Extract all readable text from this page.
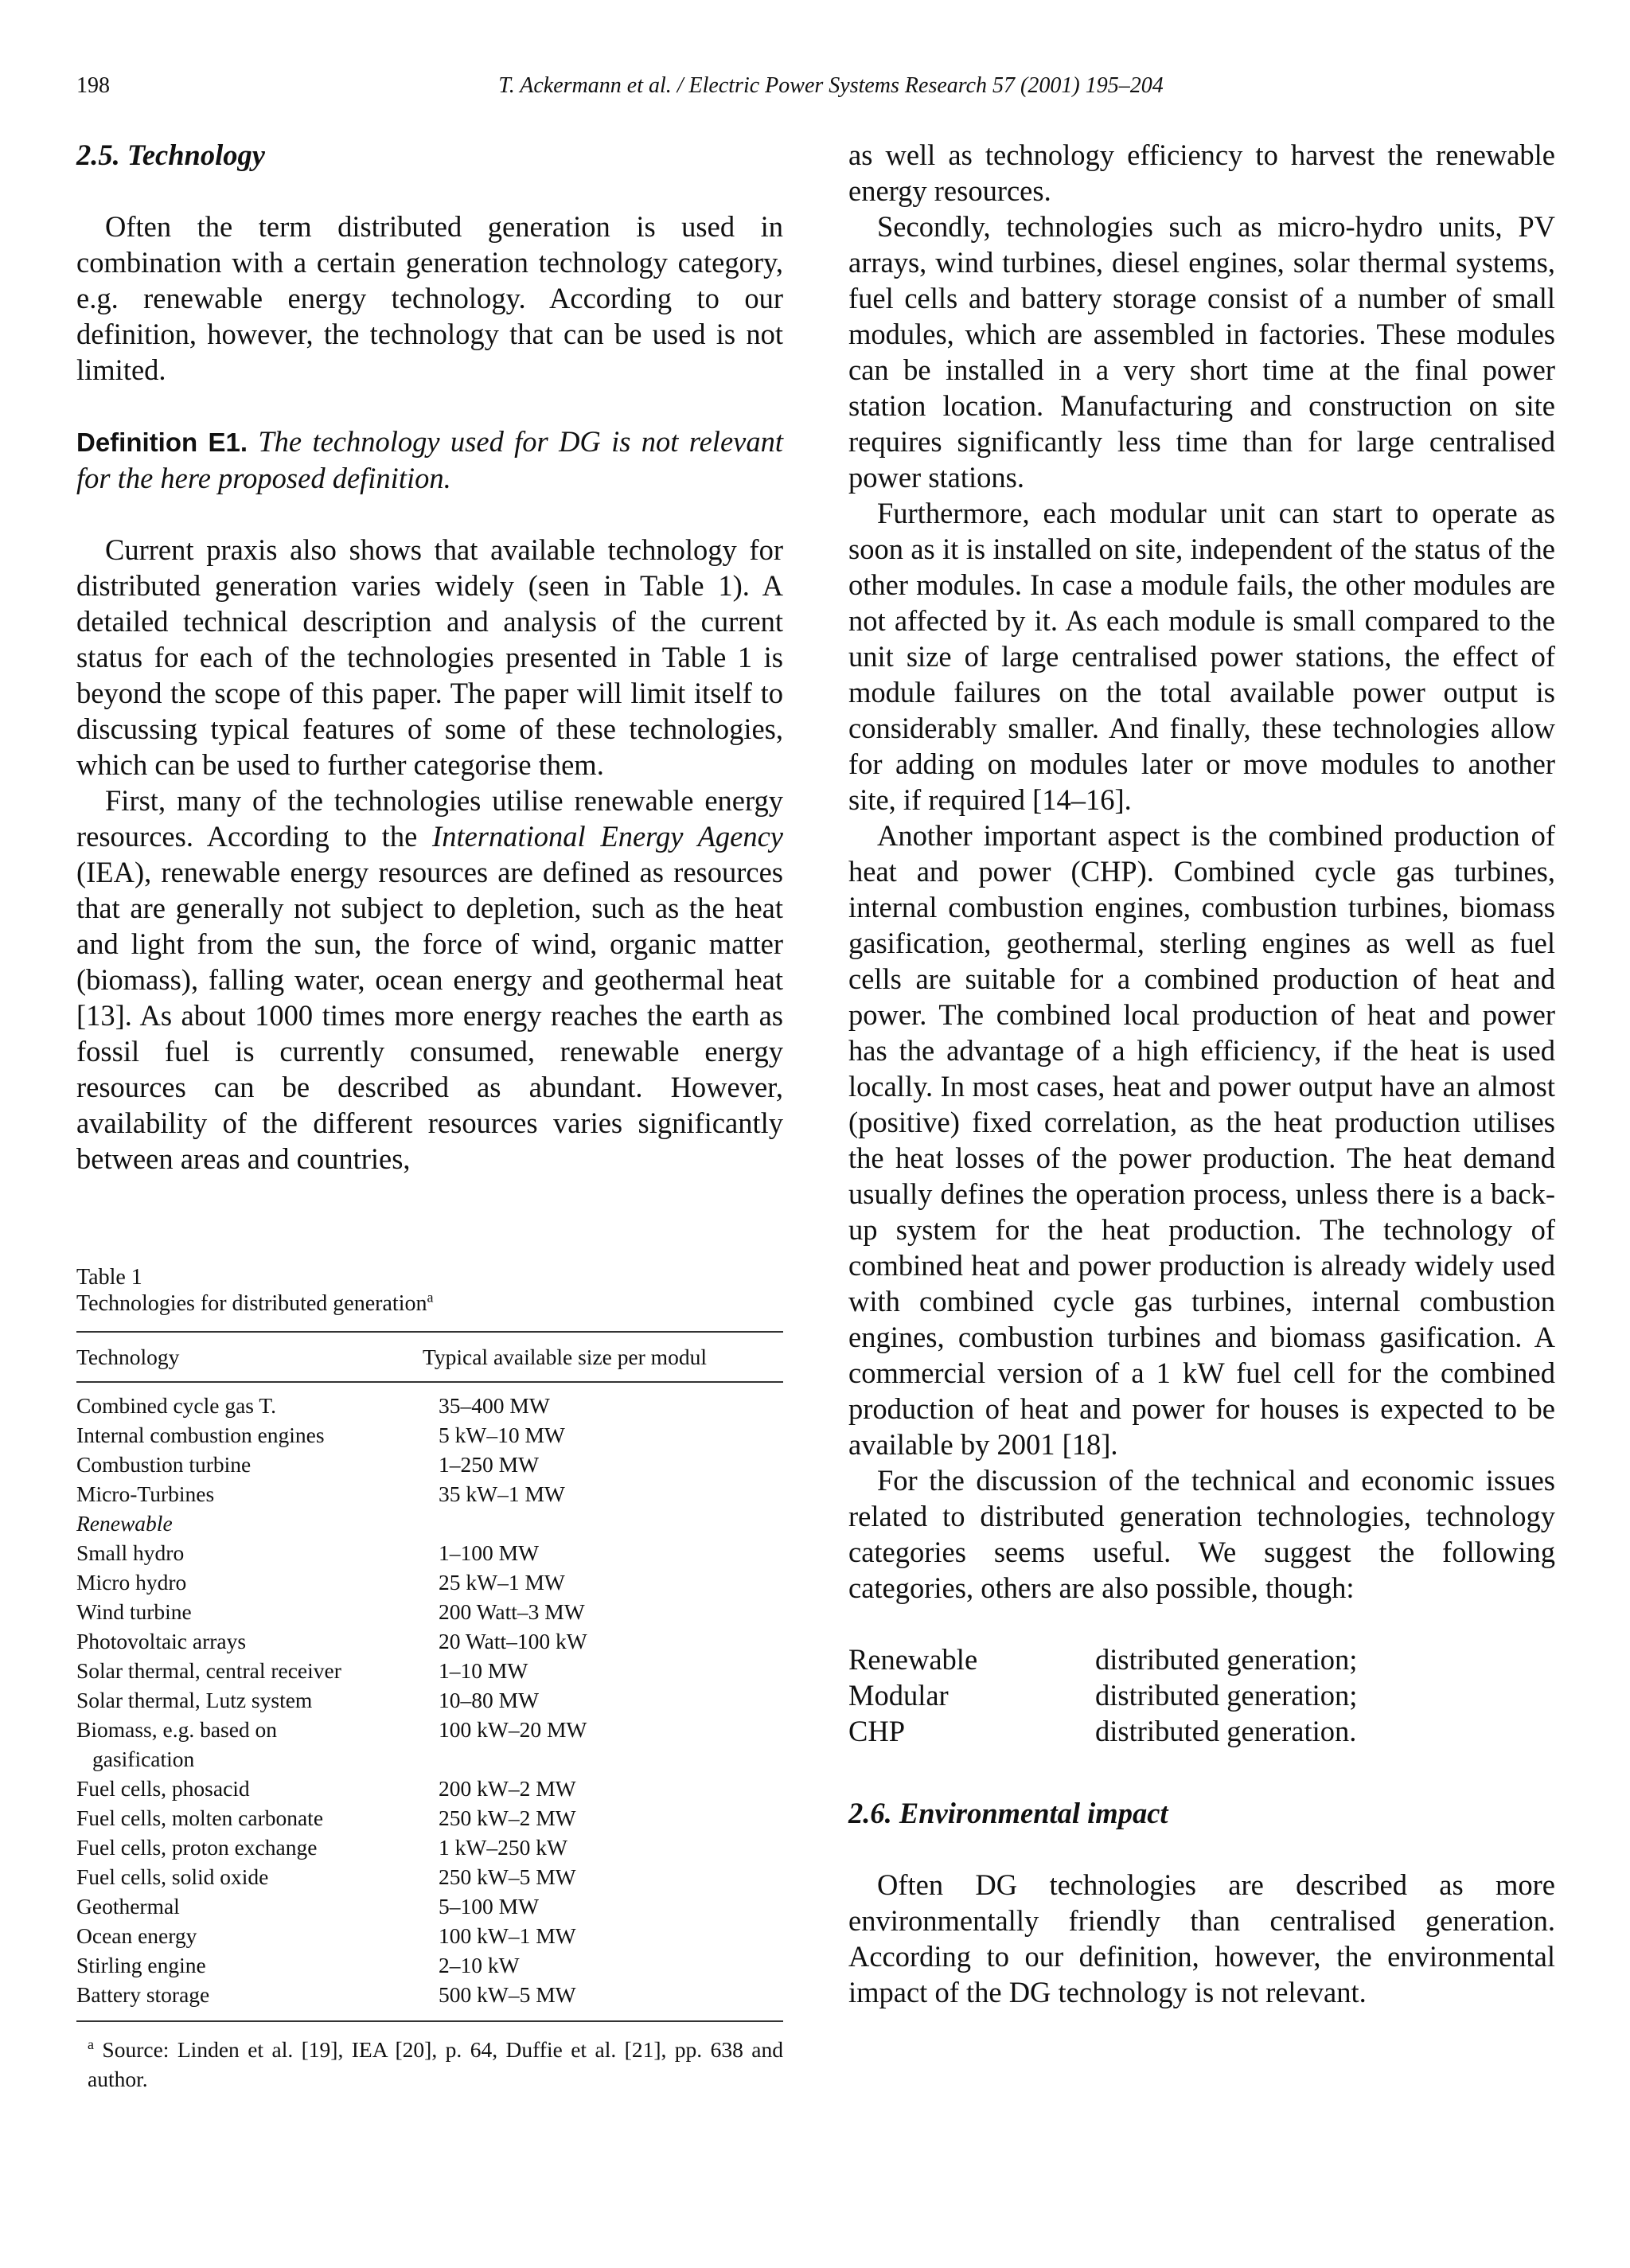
198	T. Ackermann et al. / Electric Power Systems Research 57 (2001) 195–204
2.5. Technology

Often the term distributed generation is used in combination with a certain generation technology category, e.g. renewable energy technology. According to our definition, however, the technology that can be used is not limited.

Definition E1. The technology used for DG is not relevant for the here proposed definition.

Current praxis also shows that available technology for distributed generation varies widely (seen in Table 1). A detailed technical description and analysis of the current status for each of the technologies presented in Table 1 is beyond the scope of this paper. The paper will limit itself to discussing typical features of some of these technologies, which can be used to further categorise them.

First, many of the technologies utilise renewable energy resources. According to the International Energy Agency (IEA), renewable energy resources are defined as resources that are generally not subject to depletion, such as the heat and light from the sun, the force of wind, organic matter (biomass), falling water, ocean energy and geothermal heat [13]. As about 1000 times more energy reaches the earth as fossil fuel is currently consumed, renewable energy resources can be described as abundant. However, availability of the different resources varies significantly between areas and countries,

Table 1

Technologies for distributed generation$^a$

Technology	Typical available size per modul
Combined cycle gas T.	35–400 MW
Internal combustion engines	5 kW–10 MW
Combustion turbine	1–250 MW
Micro-Turbines	35 kW–1 MW
Renewable	
Small hydro	1–100 MW
Micro hydro	25 kW–1 MW
Wind turbine	200 Watt–3 MW
Photovoltaic arrays	20 Watt–100 kW
Solar thermal, central receiver	1–10 MW
Solar thermal, Lutz system	10–80 MW
Biomass, e.g. based on	100 kW–20 MW
gasification	
Fuel cells, phosacid	200 kW–2 MW
Fuel cells, molten carbonate	250 kW–2 MW
Fuel cells, proton exchange	1 kW–250 kW
Fuel cells, solid oxide	250 kW–5 MW
Geothermal	5–100 MW
Ocean energy	100 kW–1 MW
Stirling engine	2–10 kW
Battery storage	500 kW–5 MW

$^a$ Source: Linden et al. [19], IEA [20], p. 64, Duffie et al. [21], pp. 638 and author.

as well as technology efficiency to harvest the renewable energy resources.

Secondly, technologies such as micro-hydro units, PV arrays, wind turbines, diesel engines, solar thermal systems, fuel cells and battery storage consist of a number of small modules, which are assembled in factories. These modules can be installed in a very short time at the final power station location. Manufacturing and construction on site requires significantly less time than for large centralised power stations.

Furthermore, each modular unit can start to operate as soon as it is installed on site, independent of the status of the other modules. In case a module fails, the other modules are not affected by it. As each module is small compared to the unit size of large centralised power stations, the effect of module failures on the total available power output is considerably smaller. And finally, these technologies allow for adding on modules later or move modules to another site, if required [14–16].

Another important aspect is the combined production of heat and power (CHP). Combined cycle gas turbines, internal combustion engines, combustion turbines, biomass gasification, geothermal, sterling engines as well as fuel cells are suitable for a combined production of heat and power. The combined local production of heat and power has the advantage of a high efficiency, if the heat is used locally. In most cases, heat and power output have an almost (positive) fixed correlation, as the heat production utilises the heat losses of the power production. The heat demand usually defines the operation process, unless there is a back-up system for the heat production. The technology of combined heat and power production is already widely used with combined cycle gas turbines, internal combustion engines, combustion turbines and biomass gasification. A commercial version of a 1 kW fuel cell for the combined production of heat and power for houses is expected to be available by 2001 [18].

For the discussion of the technical and economic issues related to distributed generation technologies, technology categories seems useful. We suggest the following categories, others are also possible, though:

Renewable	distributed generation;
Modular	distributed generation;
CHP	distributed generation.
2.6. Environmental impact

Often DG technologies are described as more environmentally friendly than centralised generation. According to our definition, however, the environmental impact of the DG technology is not relevant.
